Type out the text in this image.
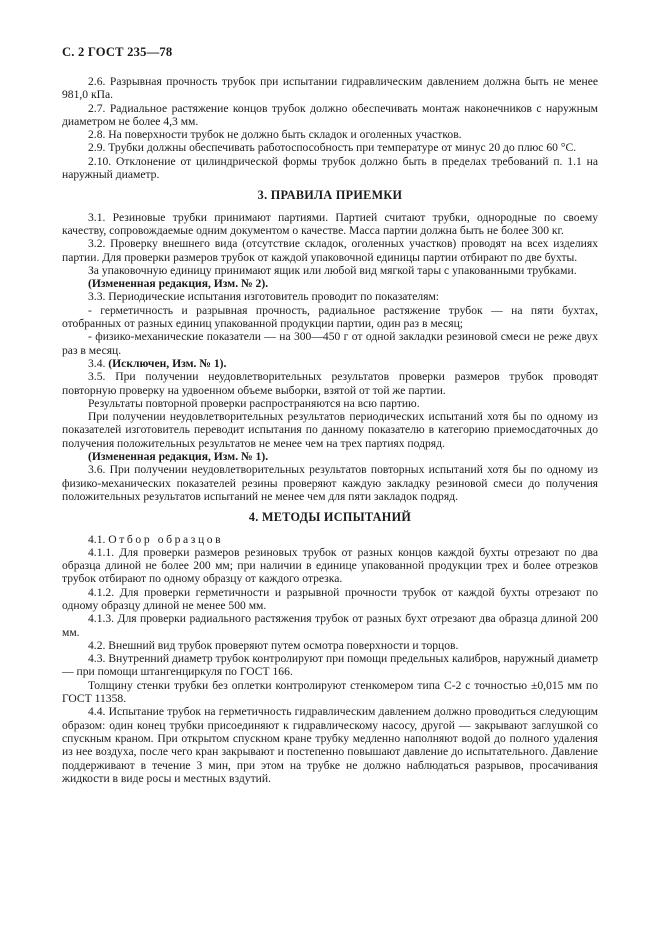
С. 2 ГОСТ 235—78

2.6. Разрывная прочность трубок при испытании гидравлическим давлением должна быть не менее 981,0 кПа.

2.7. Радиальное растяжение концов трубок должно обеспечивать монтаж наконечников с наружным диаметром не более 4,3 мм.

2.8. На поверхности трубок не должно быть складок и оголенных участков.

2.9. Трубки должны обеспечивать работоспособность при температуре от минус 20 до плюс 60 °С.

2.10. Отклонение от цилиндрической формы трубок должно быть в пределах требований п. 1.1 на наружный диаметр.

3. ПРАВИЛА ПРИЕМКИ

3.1. Резиновые трубки принимают партиями. Партией считают трубки, однородные по своему качеству, сопровождаемые одним документом о качестве. Масса партии должна быть не более 300 кг.

3.2. Проверку внешнего вида (отсутствие складок, оголенных участков) проводят на всех изделиях партии. Для проверки размеров трубок от каждой упаковочной единицы партии отбирают по две бухты.

За упаковочную единицу принимают ящик или любой вид мягкой тары с упакованными трубками.

(Измененная редакция, Изм. № 2).

3.3. Периодические испытания изготовитель проводит по показателям:

- герметичность и разрывная прочность, радиальное растяжение трубок — на пяти бухтах, отобранных от разных единиц упакованной продукции партии, один раз в месяц;

- физико-механические показатели — на 300—450 г от одной закладки резиновой смеси не реже двух раз в месяц.

3.4. (Исключен, Изм. № 1).

3.5. При получении неудовлетворительных результатов проверки размеров трубок проводят повторную проверку на удвоенном объеме выборки, взятой от той же партии.

Результаты повторной проверки распространяются на всю партию.

При получении неудовлетворительных результатов периодических испытаний хотя бы по одному из показателей изготовитель переводит испытания по данному показателю в категорию приемосдаточных до получения положительных результатов не менее чем на трех партиях подряд.

(Измененная редакция, Изм. № 1).

3.6. При получении неудовлетворительных результатов повторных испытаний хотя бы по одному из физико-механических показателей резины проверяют каждую закладку резиновой смеси до получения положительных результатов испытаний не менее чем для пяти закладок подряд.

4. МЕТОДЫ ИСПЫТАНИЙ

4.1. Отбор образцов

4.1.1. Для проверки размеров резиновых трубок от разных концов каждой бухты отрезают по два образца длиной не более 200 мм; при наличии в единице упакованной продукции трех и более отрезков трубок отбирают по одному образцу от каждого отрезка.

4.1.2. Для проверки герметичности и разрывной прочности трубок от каждой бухты отрезают по одному образцу длиной не менее 500 мм.

4.1.3. Для проверки радиального растяжения трубок от разных бухт отрезают два образца длиной 200 мм.

4.2. Внешний вид трубок проверяют путем осмотра поверхности и торцов.

4.3. Внутренний диаметр трубок контролируют при помощи предельных калибров, наружный диаметр — при помощи штангенциркуля по ГОСТ 166.

Толщину стенки трубки без оплетки контролируют стенкомером типа С-2 с точностью ±0,015 мм по ГОСТ 11358.

4.4. Испытание трубок на герметичность гидравлическим давлением должно проводиться следующим образом: один конец трубки присоединяют к гидравлическому насосу, другой — закрывают заглушкой со спускным краном. При открытом спускном кране трубку медленно наполняют водой до полного удаления из нее воздуха, после чего кран закрывают и постепенно повышают давление до испытательного. Давление поддерживают в течение 3 мин, при этом на трубке не должно наблюдаться разрывов, просачивания жидкости в виде росы и местных вздутий.
